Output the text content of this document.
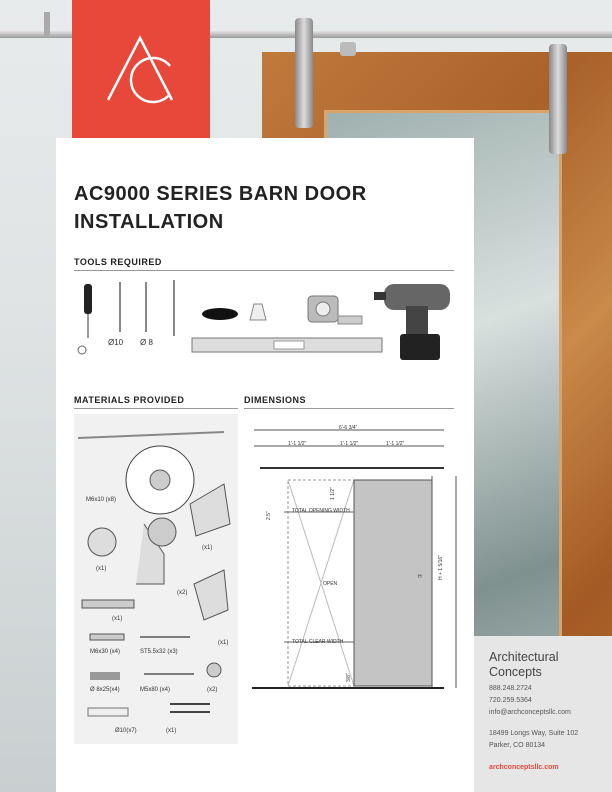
AC9000 SERIES BARN DOOR
INSTALLATION
TOOLS REQUIRED
Ø10 Ø 8
MATERIALS PROVIDED
M6x10 (x8)
(x1)
(x1)
(x2)
(x1)
(x1)
M6x30 (x4)	ST5.5x32 (x3)
Ø 8x25(x4)	M5x80 (x4)	(x2)
Ø10(x7)	(x1)
DIMENSIONS
6'-6 3/4"
1'-1 1/2"	1'-1 1/2"	1'-1 1/2"
TOTAL OPENING WIDTH
OPEN
TOTAL CLEAR WIDTH
H + 1 5/16"
H
1 1/2"
2.5"
3/8"
Architectural
Concepts
888.248.2724
720.259.5364
info@archconceptsllc.com
18499 Longs Way, Suite 102
Parker, CO 80134
archconceptsllc.com
